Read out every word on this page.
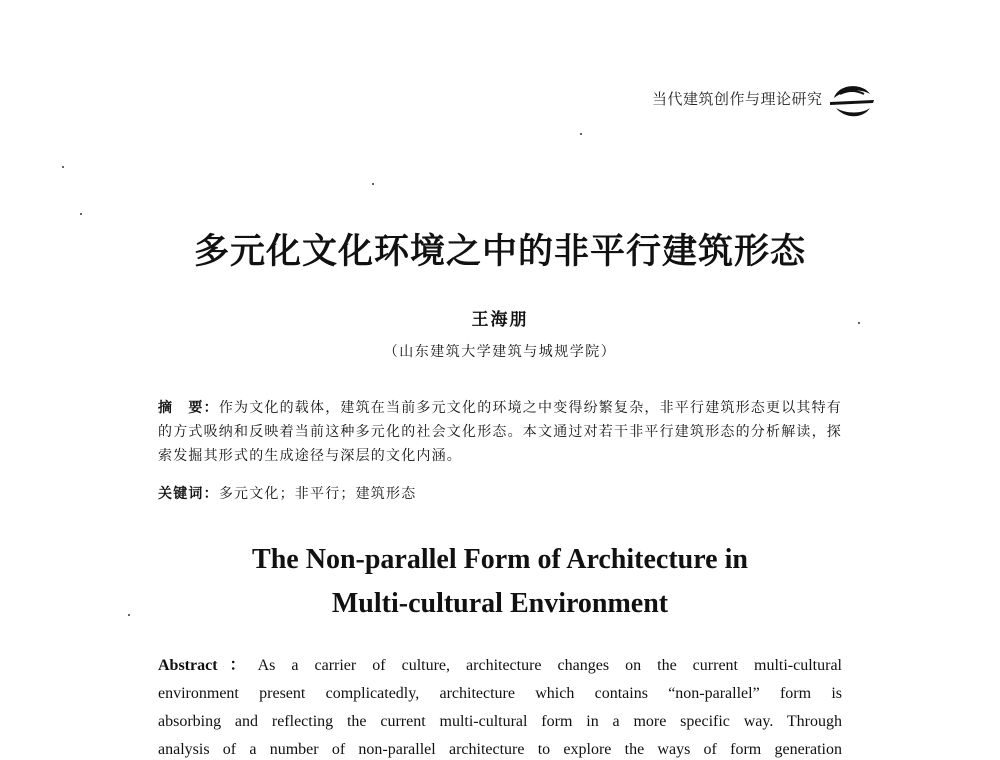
当代建筑创作与理论研究
多元化文化环境之中的非平行建筑形态
王海朋
（山东建筑大学建筑与城规学院）
摘　要：作为文化的载体，建筑在当前多元文化的环境之中变得纷繁复杂，非平行建筑形态更以其特有的方式吸纳和反映着当前这种多元化的社会文化形态。本文通过对若干非平行建筑形态的分析解读，探索发掘其形式的生成途径与深层的文化内涵。
关键词：多元文化；非平行；建筑形态
The Non-parallel Form of Architecture in
Multi-cultural Environment
Abstract：As a carrier of culture, architecture changes on the current multi-cultural
environment present complicatedly, architecture which contains “non-parallel” form is
absorbing and reflecting the current multi-cultural form in a more specific way. Through
analysis of a number of non-parallel architecture to explore the ways of form generation
